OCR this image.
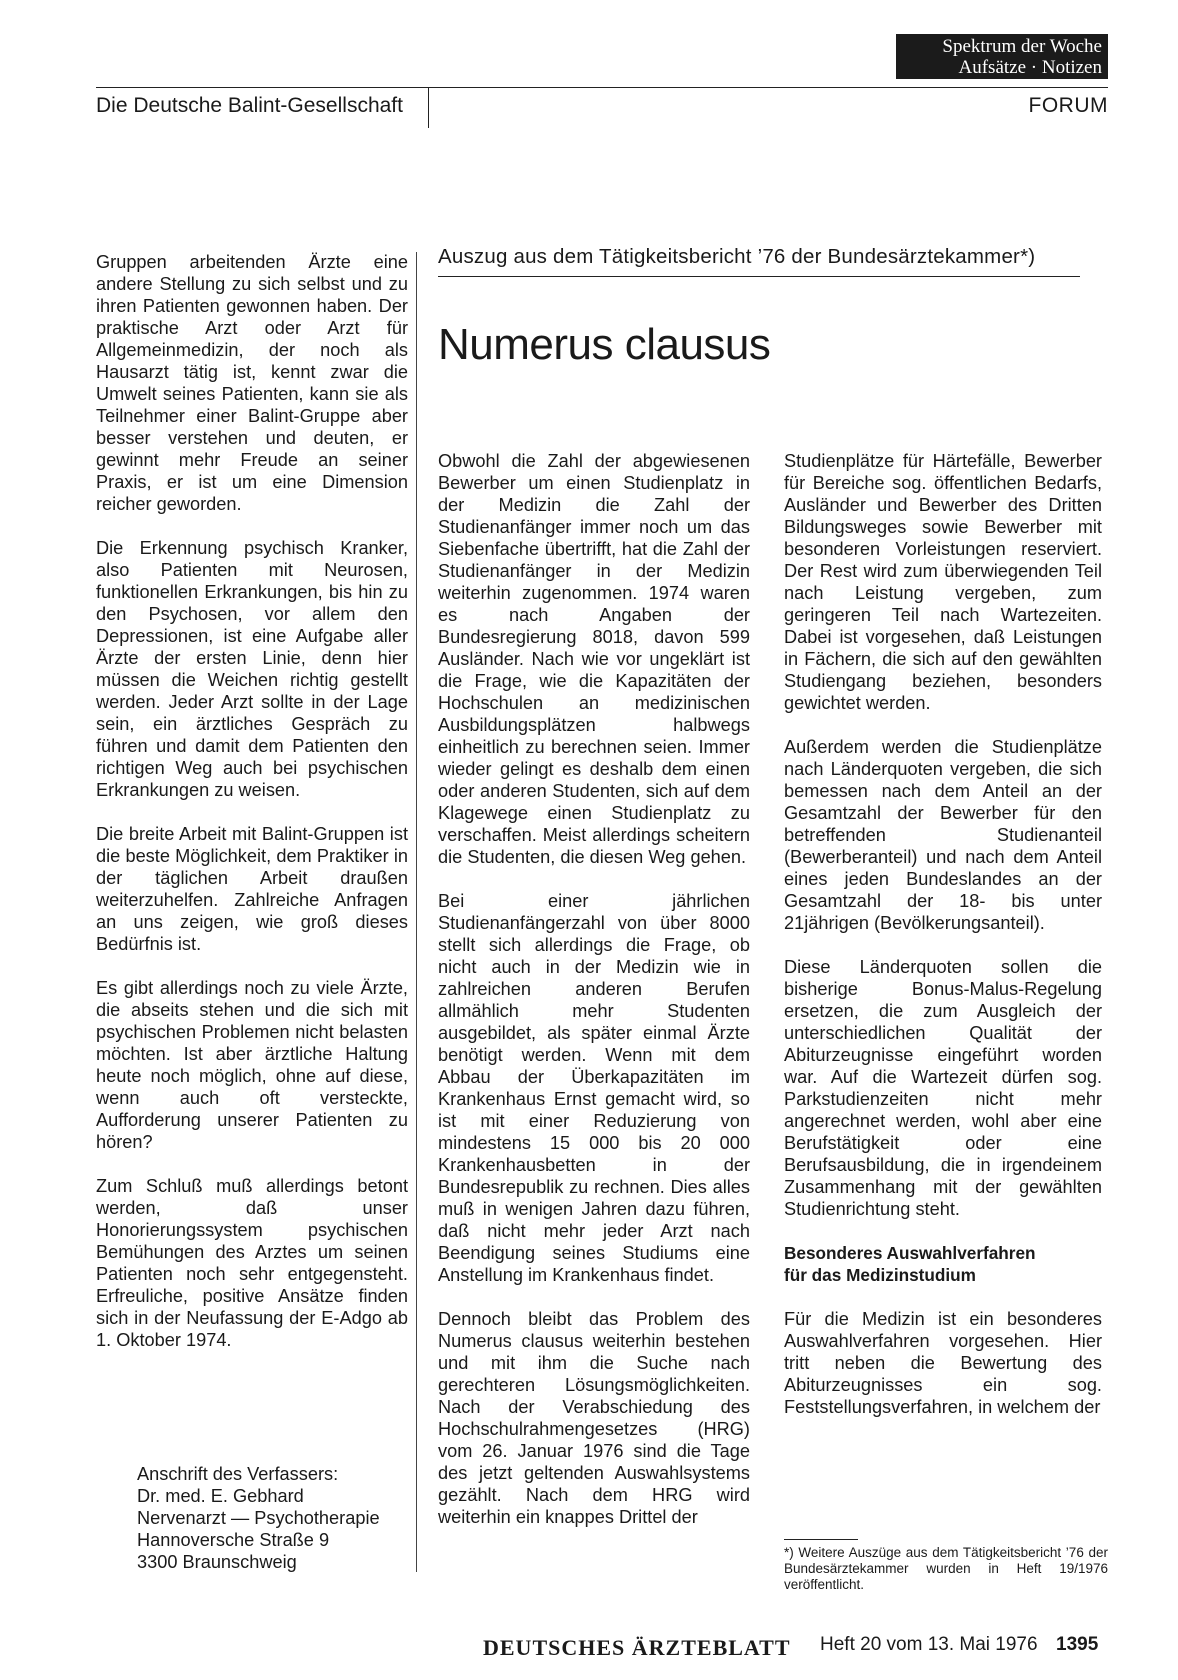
Spektrum der Woche
Aufsätze · Notizen
Die Deutsche Balint-Gesellschaft	FORUM

Gruppen arbeitenden Ärzte eine andere Stellung zu sich selbst und zu ihren Patienten gewonnen haben. Der praktische Arzt oder Arzt für Allgemeinmedizin, der noch als Hausarzt tätig ist, kennt zwar die Umwelt seines Patienten, kann sie als Teilnehmer einer Balint-Gruppe aber besser verstehen und deuten, er gewinnt mehr Freude an seiner Praxis, er ist um eine Dimension reicher geworden.

Die Erkennung psychisch Kranker, also Patienten mit Neurosen, funktionellen Erkrankungen, bis hin zu den Psychosen, vor allem den Depressionen, ist eine Aufgabe aller Ärzte der ersten Linie, denn hier müssen die Weichen richtig gestellt werden. Jeder Arzt sollte in der Lage sein, ein ärztliches Gespräch zu führen und damit dem Patienten den richtigen Weg auch bei psychischen Erkrankungen zu weisen.

Die breite Arbeit mit Balint-Gruppen ist die beste Möglichkeit, dem Praktiker in der täglichen Arbeit draußen weiterzuhelfen. Zahlreiche Anfragen an uns zeigen, wie groß dieses Bedürfnis ist.

Es gibt allerdings noch zu viele Ärzte, die abseits stehen und die sich mit psychischen Problemen nicht belasten möchten. Ist aber ärztliche Haltung heute noch möglich, ohne auf diese, wenn auch oft versteckte, Aufforderung unserer Patienten zu hören?

Zum Schluß muß allerdings betont werden, daß unser Honorierungssystem psychischen Bemühungen des Arztes um seinen Patienten noch sehr entgegensteht. Erfreuliche, positive Ansätze finden sich in der Neufassung der E-Adgo ab 1. Oktober 1974.

Anschrift des Verfassers:
Dr. med. E. Gebhard
Nervenarzt — Psychotherapie
Hannoversche Straße 9
3300 Braunschweig
Auszug aus dem Tätigkeitsbericht ’76 der Bundesärztekammer*)
Numerus clausus

Obwohl die Zahl der abgewiesenen Bewerber um einen Studienplatz in der Medizin die Zahl der Studienanfänger immer noch um das Siebenfache übertrifft, hat die Zahl der Studienanfänger in der Medizin weiterhin zugenommen. 1974 waren es nach Angaben der Bundesregierung 8018, davon 599 Ausländer. Nach wie vor ungeklärt ist die Frage, wie die Kapazitäten der Hochschulen an medizinischen Ausbildungsplätzen halbwegs einheitlich zu berechnen seien. Immer wieder gelingt es deshalb dem einen oder anderen Studenten, sich auf dem Klagewege einen Studienplatz zu verschaffen. Meist allerdings scheitern die Studenten, die diesen Weg gehen.

Bei einer jährlichen Studienanfängerzahl von über 8000 stellt sich allerdings die Frage, ob nicht auch in der Medizin wie in zahlreichen anderen Berufen allmählich mehr Studenten ausgebildet, als später einmal Ärzte benötigt werden. Wenn mit dem Abbau der Überkapazitäten im Krankenhaus Ernst gemacht wird, so ist mit einer Reduzierung von mindestens 15 000 bis 20 000 Krankenhausbetten in der Bundesrepublik zu rechnen. Dies alles muß in wenigen Jahren dazu führen, daß nicht mehr jeder Arzt nach Beendigung seines Studiums eine Anstellung im Krankenhaus findet.

Dennoch bleibt das Problem des Numerus clausus weiterhin bestehen und mit ihm die Suche nach gerechteren Lösungsmöglichkeiten. Nach der Verabschiedung des Hochschulrahmengesetzes (HRG) vom 26. Januar 1976 sind die Tage des jetzt geltenden Auswahlsystems gezählt. Nach dem HRG wird weiterhin ein knappes Drittel der

Studienplätze für Härtefälle, Bewerber für Bereiche sog. öffentlichen Bedarfs, Ausländer und Bewerber des Dritten Bildungsweges sowie Bewerber mit besonderen Vorleistungen reserviert. Der Rest wird zum überwiegenden Teil nach Leistung vergeben, zum geringeren Teil nach Wartezeiten. Dabei ist vorgesehen, daß Leistungen in Fächern, die sich auf den gewählten Studiengang beziehen, besonders gewichtet werden.

Außerdem werden die Studienplätze nach Länderquoten vergeben, die sich bemessen nach dem Anteil an der Gesamtzahl der Bewerber für den betreffenden Studienanteil (Bewerberanteil) und nach dem Anteil eines jeden Bundeslandes an der Gesamtzahl der 18- bis unter 21jährigen (Bevölkerungsanteil).

Diese Länderquoten sollen die bisherige Bonus-Malus-Regelung ersetzen, die zum Ausgleich der unterschiedlichen Qualität der Abiturzeugnisse eingeführt worden war. Auf die Wartezeit dürfen sog. Parkstudienzeiten nicht mehr angerechnet werden, wohl aber eine Berufstätigkeit oder eine Berufsausbildung, die in irgendeinem Zusammenhang mit der gewählten Studienrichtung steht.

Besonderes Auswahlverfahren
für das Medizinstudium

Für die Medizin ist ein besonderes Auswahlverfahren vorgesehen. Hier tritt neben die Bewertung des Abiturzeugnisses ein sog. Feststellungsverfahren, in welchem der

*) Weitere Auszüge aus dem Tätigkeitsbericht ’76 der Bundesärztekammer wurden in Heft 19/1976 veröffentlicht.
DEUTSCHES ÄRZTEBLATT Heft 20 vom 13. Mai 1976 1395
